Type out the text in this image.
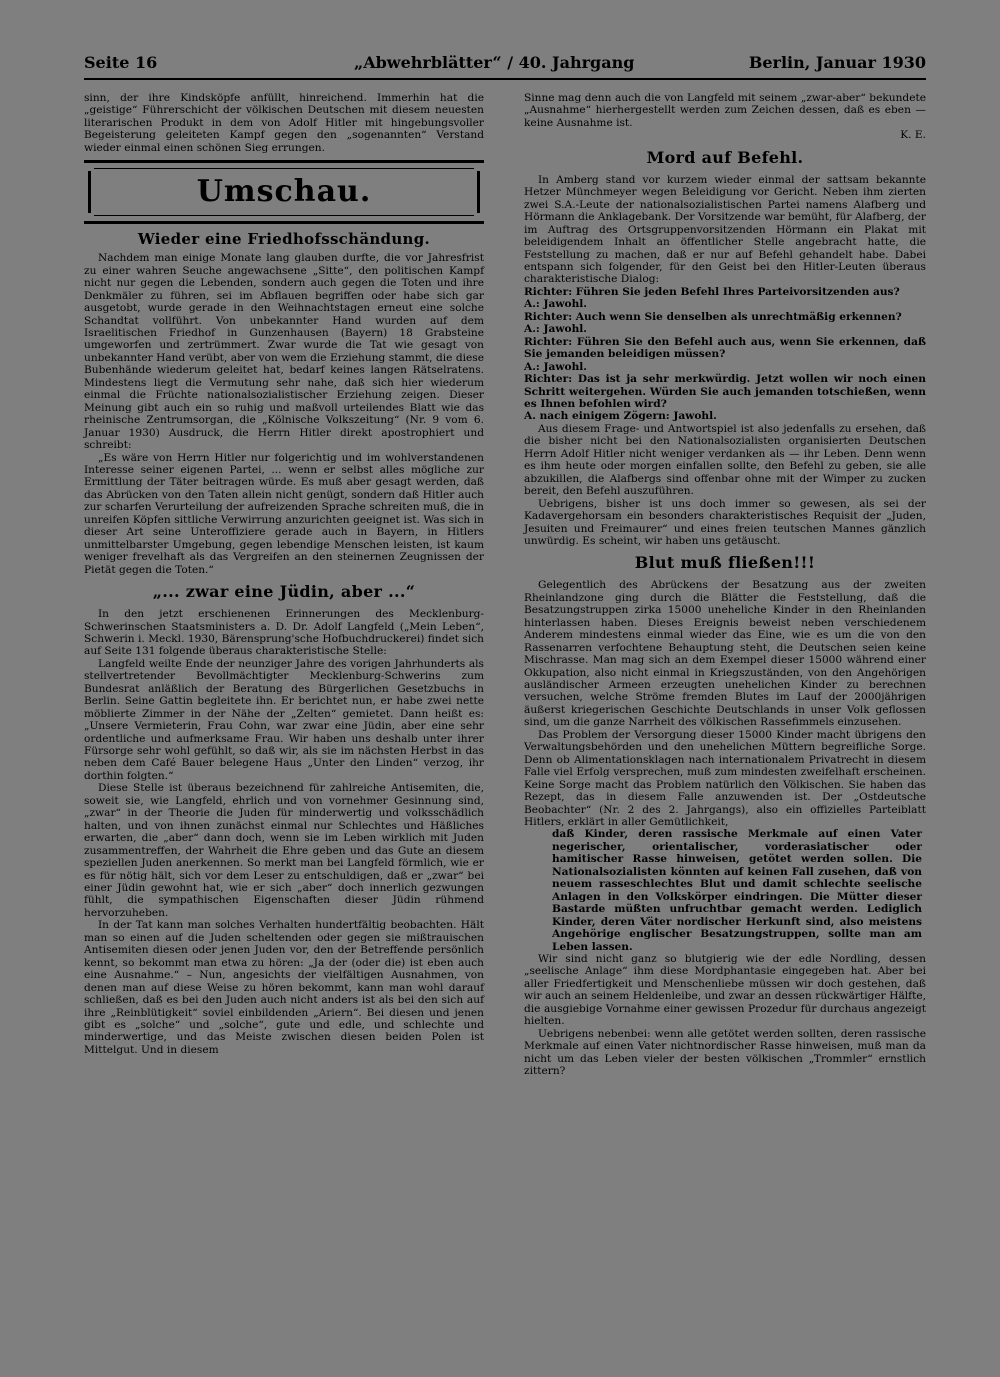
Seite 16	„Abwehrblätter“ / 40. Jahrgang	Berlin, Januar 1930

sinn, der ihre Kindsköpfe anfüllt, hinreichend. Immerhin hat die „geistige“ Führerschicht der völkischen Deutschen mit diesem neuesten literarischen Produkt in dem von Adolf Hitler mit hingebungsvoller Begeisterung geleiteten Kampf gegen den „sogenannten“ Verstand wieder einmal einen schönen Sieg errungen.

Umschau.
Wieder eine Friedhofsschändung.

Nachdem man einige Monate lang glauben durfte, die vor Jahresfrist zu einer wahren Seuche angewachsene „Sitte“, den politischen Kampf nicht nur gegen die Lebenden, sondern auch gegen die Toten und ihre Denkmäler zu führen, sei im Abflauen begriffen oder habe sich gar ausgetobt, wurde gerade in den Weihnachtstagen erneut eine solche Schandtat vollführt. Von unbekannter Hand wurden auf dem Israelitischen Friedhof in Gunzenhausen (Bayern) 18 Grabsteine umgeworfen und zertrümmert. Zwar wurde die Tat wie gesagt von unbekannter Hand verübt, aber von wem die Erziehung stammt, die diese Bubenhände wiederum geleitet hat, bedarf keines langen Rätselratens. Mindestens liegt die Vermutung sehr nahe, daß sich hier wiederum einmal die Früchte nationalsozialistischer Erziehung zeigen. Dieser Meinung gibt auch ein so ruhig und maßvoll urteilendes Blatt wie das rheinische Zentrumsorgan, die „Kölnische Volkszeitung“ (Nr. 9 vom 6. Januar 1930) Ausdruck, die Herrn Hitler direkt apostrophiert und schreibt:

„Es wäre von Herrn Hitler nur folgerichtig und im wohlverstandenen Interesse seiner eigenen Partei, ... wenn er selbst alles mögliche zur Ermittlung der Täter beitragen würde. Es muß aber gesagt werden, daß das Abrücken von den Taten allein nicht genügt, sondern daß Hitler auch zur scharfen Verurteilung der aufreizenden Sprache schreiten muß, die in unreifen Köpfen sittliche Verwirrung anzurichten geeignet ist. Was sich in dieser Art seine Unteroffiziere gerade auch in Bayern, in Hitlers unmittelbarster Umgebung, gegen lebendige Menschen leisten, ist kaum weniger frevelhaft als das Vergreifen an den steinernen Zeugnissen der Pietät gegen die Toten.“

„... zwar eine Jüdin, aber ...“

In den jetzt erschienenen Erinnerungen des Mecklenburg-Schwerinschen Staatsministers a. D. Dr. Adolf Langfeld („Mein Leben“, Schwerin i. Meckl. 1930, Bärensprung'sche Hofbuchdruckerei) findet sich auf Seite 131 folgende überaus charakteristische Stelle:

Langfeld weilte Ende der neunziger Jahre des vorigen Jahrhunderts als stellvertretender Bevollmächtigter Mecklenburg-Schwerins zum Bundesrat anläßlich der Beratung des Bürgerlichen Gesetzbuchs in Berlin. Seine Gattin begleitete ihn. Er berichtet nun, er habe zwei nette möblierte Zimmer in der Nähe der „Zelten“ gemietet. Dann heißt es: „Unsere Vermieterin, Frau Cohn, war zwar eine Jüdin, aber eine sehr ordentliche und aufmerksame Frau. Wir haben uns deshalb unter ihrer Fürsorge sehr wohl gefühlt, so daß wir, als sie im nächsten Herbst in das neben dem Café Bauer belegene Haus „Unter den Linden“ verzog, ihr dorthin folgten.“

Diese Stelle ist überaus bezeichnend für zahlreiche Antisemiten, die, soweit sie, wie Langfeld, ehrlich und von vornehmer Gesinnung sind, „zwar“ in der Theorie die Juden für minderwertig und volksschädlich halten, und von ihnen zunächst einmal nur Schlechtes und Häßliches erwarten, die „aber“ dann doch, wenn sie im Leben wirklich mit Juden zusammentreffen, der Wahrheit die Ehre geben und das Gute an diesem speziellen Juden anerkennen. So merkt man bei Langfeld förmlich, wie er es für nötig hält, sich vor dem Leser zu entschuldigen, daß er „zwar“ bei einer Jüdin gewohnt hat, wie er sich „aber“ doch innerlich gezwungen fühlt, die sympathischen Eigenschaften dieser Jüdin rühmend hervorzuheben.

In der Tat kann man solches Verhalten hundertfältig beobachten. Hält man so einen auf die Juden scheltenden oder gegen sie mißtrauischen Antisemiten diesen oder jenen Juden vor, den der Betreffende persönlich kennt, so bekommt man etwa zu hören: „Ja der (oder die) ist eben auch eine Ausnahme.“ – Nun, angesichts der vielfältigen Ausnahmen, von denen man auf diese Weise zu hören bekommt, kann man wohl darauf schließen, daß es bei den Juden auch nicht anders ist als bei den sich auf ihre „Reinblütigkeit“ soviel einbildenden „Ariern“. Bei diesen und jenen gibt es „solche“ und „solche“, gute und edle, und schlechte und minderwertige, und das Meiste zwischen diesen beiden Polen ist Mittelgut. Und in diesem

Sinne mag denn auch die von Langfeld mit seinem „zwar-aber“ bekundete „Ausnahme“ hierhergestellt werden zum Zeichen dessen, daß es eben — keine Ausnahme ist.

K. E.

Mord auf Befehl.

In Amberg stand vor kurzem wieder einmal der sattsam bekannte Hetzer Münchmeyer wegen Beleidigung vor Gericht. Neben ihm zierten zwei S.A.-Leute der nationalsozialistischen Partei namens Alafberg und Hörmann die Anklagebank. Der Vorsitzende war bemüht, für Alafberg, der im Auftrag des Ortsgruppenvorsitzenden Hörmann ein Plakat mit beleidigendem Inhalt an öffentlicher Stelle angebracht hatte, die Feststellung zu machen, daß er nur auf Befehl gehandelt habe. Dabei entspann sich folgender, für den Geist bei den Hitler-Leuten überaus charakteristische Dialog:

Richter: Führen Sie jeden Befehl Ihres Parteivorsitzenden aus?

A.: Jawohl.

Richter: Auch wenn Sie denselben als unrechtmäßig erkennen?

A.: Jawohl.

Richter: Führen Sie den Befehl auch aus, wenn Sie erkennen, daß Sie jemanden beleidigen müssen?

A.: Jawohl.

Richter: Das ist ja sehr merkwürdig. Jetzt wollen wir noch einen Schritt weitergehen. Würden Sie auch jemanden totschießen, wenn es Ihnen befohlen wird?

A. nach einigem Zögern: Jawohl.

Aus diesem Frage- und Antwortspiel ist also jedenfalls zu ersehen, daß die bisher nicht bei den Nationalsozialisten organisierten Deutschen Herrn Adolf Hitler nicht weniger verdanken als — ihr Leben. Denn wenn es ihm heute oder morgen einfallen sollte, den Befehl zu geben, sie alle abzukillen, die Alafbergs sind offenbar ohne mit der Wimper zu zucken bereit, den Befehl auszuführen.

Uebrigens, bisher ist uns doch immer so gewesen, als sei der Kadavergehorsam ein besonders charakteristisches Requisit der „Juden, Jesuiten und Freimaurer“ und eines freien teutschen Mannes gänzlich unwürdig. Es scheint, wir haben uns getäuscht.

Blut muß fließen!!!

Gelegentlich des Abrückens der Besatzung aus der zweiten Rheinlandzone ging durch die Blätter die Feststellung, daß die Besatzungstruppen zirka 15000 uneheliche Kinder in den Rheinlanden hinterlassen haben. Dieses Ereignis beweist neben verschiedenem Anderem mindestens einmal wieder das Eine, wie es um die von den Rassenarren verfochtene Behauptung steht, die Deutschen seien keine Mischrasse. Man mag sich an dem Exempel dieser 15000 während einer Okkupation, also nicht einmal in Kriegszuständen, von den Angehörigen ausländischer Armeen erzeugten unehelichen Kinder zu berechnen versuchen, welche Ströme fremden Blutes im Lauf der 2000jährigen äußerst kriegerischen Geschichte Deutschlands in unser Volk geflossen sind, um die ganze Narrheit des völkischen Rassefimmels einzusehen.

Das Problem der Versorgung dieser 15000 Kinder macht übrigens den Verwaltungsbehörden und den unehelichen Müttern begreifliche Sorge. Denn ob Alimentationsklagen nach internationalem Privatrecht in diesem Falle viel Erfolg versprechen, muß zum mindesten zweifelhaft erscheinen. Keine Sorge macht das Problem natürlich den Völkischen. Sie haben das Rezept, das in diesem Falle anzuwenden ist. Der „Ostdeutsche Beobachter“ (Nr. 2 des 2. Jahrgangs), also ein offizielles Parteiblatt Hitlers, erklärt in aller Gemütlichkeit,

daß Kinder, deren rassische Merkmale auf einen Vater negerischer, orientalischer, vorderasiatischer oder hamitischer Rasse hinweisen, getötet werden sollen. Die Nationalsozialisten könnten auf keinen Fall zusehen, daß von neuem rasseschlechtes Blut und damit schlechte seelische Anlagen in den Volkskörper eindringen. Die Mütter dieser Bastarde müßten unfruchtbar gemacht werden. Lediglich Kinder, deren Väter nordischer Herkunft sind, also meistens Angehörige englischer Besatzungstruppen, sollte man am Leben lassen.

Wir sind nicht ganz so blutgierig wie der edle Nordling, dessen „seelische Anlage“ ihm diese Mordphantasie eingegeben hat. Aber bei aller Friedfertigkeit und Menschenliebe müssen wir doch gestehen, daß wir auch an seinem Heldenleibe, und zwar an dessen rückwärtiger Hälfte, die ausgiebige Vornahme einer gewissen Prozedur für durchaus angezeigt hielten.

Uebrigens nebenbei: wenn alle getötet werden sollten, deren rassische Merkmale auf einen Vater nichtnordischer Rasse hinweisen, muß man da nicht um das Leben vieler der besten völkischen „Trommler“ ernstlich zittern?
